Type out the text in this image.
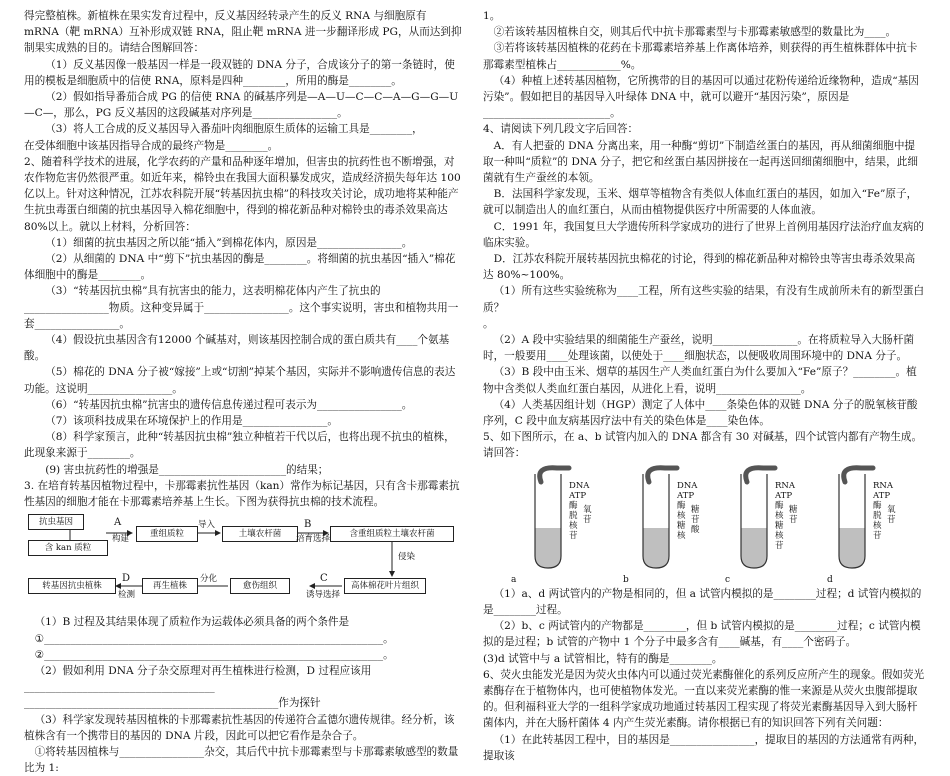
得完整植株。新植株在果实发育过程中，反义基因经转录产生的反义 RNA 与细胞原有 mRNA（靶 mRNA）互补形成双链 RNA，阻止靶 mRNA 进一步翻译形成 PG，从而达到抑制果实成熟的目的。请结合图解回答：

（1）反义基因像一般基因一样是一段双链的 DNA 分子，合成该分子的第一条链时，使用的模板是细胞质中的信使 RNA，原料是四种________，所用的酶是________。

（2）假如指导番茄合成 PG 的信使 RNA 的碱基序列是—A—U—C—C—A—G—G—U—C—，那么，PG 反义基因的这段碱基对序列是________________。

（3）将人工合成的反义基因导入番茄叶肉细胞原生质体的运输工具是________，

在受体细胞中该基因指导合成的最终产物是________。

2、随着科学技术的进展，化学农药的产量和品种逐年增加，但害虫的抗药性也不断增强，对农作物危害仍然很严重。如近年来，棉铃虫在我国大面积暴发成灾，造成经济损失每年达 100 亿以上。针对这种情况，江苏农科院开展“转基因抗虫棉”的科技攻关讨论，成功地将某种能产生抗虫毒蛋白细菌的抗虫基因导入棉花细胞中，得到的棉花新品种对棉铃虫的毒杀效果高达 80%以上。就以上材料，分析回答：

（1）细菌的抗虫基因之所以能“插入”到棉花体内，原因是________________。

（2）从细菌的 DNA 中“剪下”抗虫基因的酶是________。将细菌的抗虫基因“插入”棉花体细胞中的酶是________。

（3）“转基因抗虫棉”具有抗害虫的能力，这表明棉花体内产生了抗虫的________________物质。这种变异属于________________。这个事实说明，害虫和植物共用一套________________。

（4）假设抗虫基因含有12000 个碱基对，则该基因控制合成的蛋白质共有____个氨基酸。

（5）棉花的 DNA 分子被“嫁接”上或“切割”掉某个基因，实际并不影响遗传信息的表达功能。这说明________________。

（6）“转基因抗虫棉”抗害虫的遗传信息传递过程可表示为________________。

（7）该项科技成果在环境保护上的作用是________________。

（8）科学家预言，此种“转基因抗虫棉”独立种植若干代以后，也将出现不抗虫的植株，此现象来源于________。

(9) 害虫抗药性的增强是________________________的结果；

3. 在培育转基因植物过程中，卡那霉素抗性基因（kan）常作为标记基因，只有含卡那霉素抗性基因的细胞才能在卡那霉素培养基上生长。下图为获得抗虫棉的技术流程。

抗虫基因
含 kan 质粒
A
构建	重组质粒
导入
土壤农杆菌
B
培育选择	含重组质粒土壤农杆菌
侵染
高体棉花叶片组织
C
诱导选择
愈伤组织
分化
再生植株
D
检测
转基因抗虫植株

（1）B 过程及其结果体现了质粒作为运载体必须具备的两个条件是

①________________________________________________________________。

②________________________________________________________________。

（2）假如利用 DNA 分子杂交原理对再生植株进行检测，D 过程应该用____________________________________

________________________________________________作为探针

（3）科学家发现转基因植株的卡那霉素抗性基因的传递符合孟德尔遗传规律。经分析，该植株含有一个携带目的基因的 DNA 片段，因此可以把它看作是杂合子。

①将转基因植株与________________杂交，其后代中抗卡那霉素型与卡那霉素敏感型的数量比为 1:

1。

②若该转基因植株自交，则其后代中抗卡那霉素型与卡那霉素敏感型的数量比为____。

③若将该转基因植株的花药在卡那霉素培养基上作离体培养，则获得的再生植株群体中抗卡那霉素型植株占____________%。

（4）种植上述转基因植物，它所携带的目的基因可以通过花粉传递给近缘物种，造成“基因污染”。假如把目的基因导入叶绿体 DNA 中，就可以避开“基因污染”，原因是________________________。

4、请阅读下列几段文字后回答：

A．有人把蚕的 DNA 分离出来，用一种酶“剪切”下制造丝蛋白的基因，再从细菌细胞中提取一种叫“质粒”的 DNA 分子，把它和丝蛋白基因拼接在一起再送回细菌细胞中，结果，此细菌就有生产蚕丝的本领。

B．法国科学家发现，玉米、烟草等植物含有类似人体血红蛋白的基因，如加入“Fe”原子，就可以制造出人的血红蛋白，从而由植物提供医疗中所需要的人体血液。

C．1991 年，我国复旦大学遗传所科学家成功的进行了世界上首例用基因疗法治疗血友病的临床实验。

D．江苏农科院开展转基因抗虫棉花的讨论，得到的棉花新品种对棉铃虫等害虫毒杀效果高达 80%~100%。

（1）所有这些实验统称为____工程，所有这些实验的结果，有没有生成前所未有的新型蛋白质？

。

（2）A 段中实验结果的细菌能生产蚕丝，说明________________。在将质粒导入大肠杆菌时，一般要用____处理该菌，以使处于____细胞状态，以便吸收周围环境中的 DNA 分子。

（3）B 段中由玉米、烟草的基因生产人类血红蛋白为什么要加入“Fe”原子？________。植物中含类似人类血红蛋白基因，从进化上看，说明________________。

（4）人类基因组计划（HGP）测定了人体中____条染色体的双链 DNA 分子的脱氧核苷酸序列，C 段中血友病基因疗法中有关的染色体是____染色体。

5、如下图所示，在 a、b 试管内加入的 DNA 都含有 30 对碱基，四个试管内都有产物生成。请回答：

DNA
ATP
酶
脱
核
苷
氧
苷
a
DNA
ATP
酶
核
糖
核
糖
苷
酸
b
RNA
ATP
酶
核
糖
核
苷
糖
苷
c
RNA
ATP
酶
脱
核
苷
氧
苷
d

（1）a、d 两试管内的产物是相同的，但 a 试管内模拟的是________过程；d 试管内模拟的是________过程。

（2）b、c 两试管内的产物都是________，但 b 试管内模拟的是________过程；c 试管内模拟的是过程；b 试管的产物中 1 个分子中最多含有____碱基，有____个密码子。

(3)d 试管中与 a 试管相比，特有的酶是________。

6、荧火虫能发光是因为荧火虫体内可以通过荧光素酶催化的系列反应所产生的现象。假如荧光素酶存在于植物体内，也可使植物体发光。一直以来荧光素酶的惟一来源是从荧火虫腹部提取的。但利福科亚大学的一组科学家成功地通过转基因工程实现了将荧光素酶基因导入到大肠杆菌体内，并在大肠杆菌体 4 内产生荧光素酶。请你根据已有的知识回答下列有关问题：

（1）在此转基因工程中，目的基因是________________，提取目的基因的方法通常有两种，提取该
